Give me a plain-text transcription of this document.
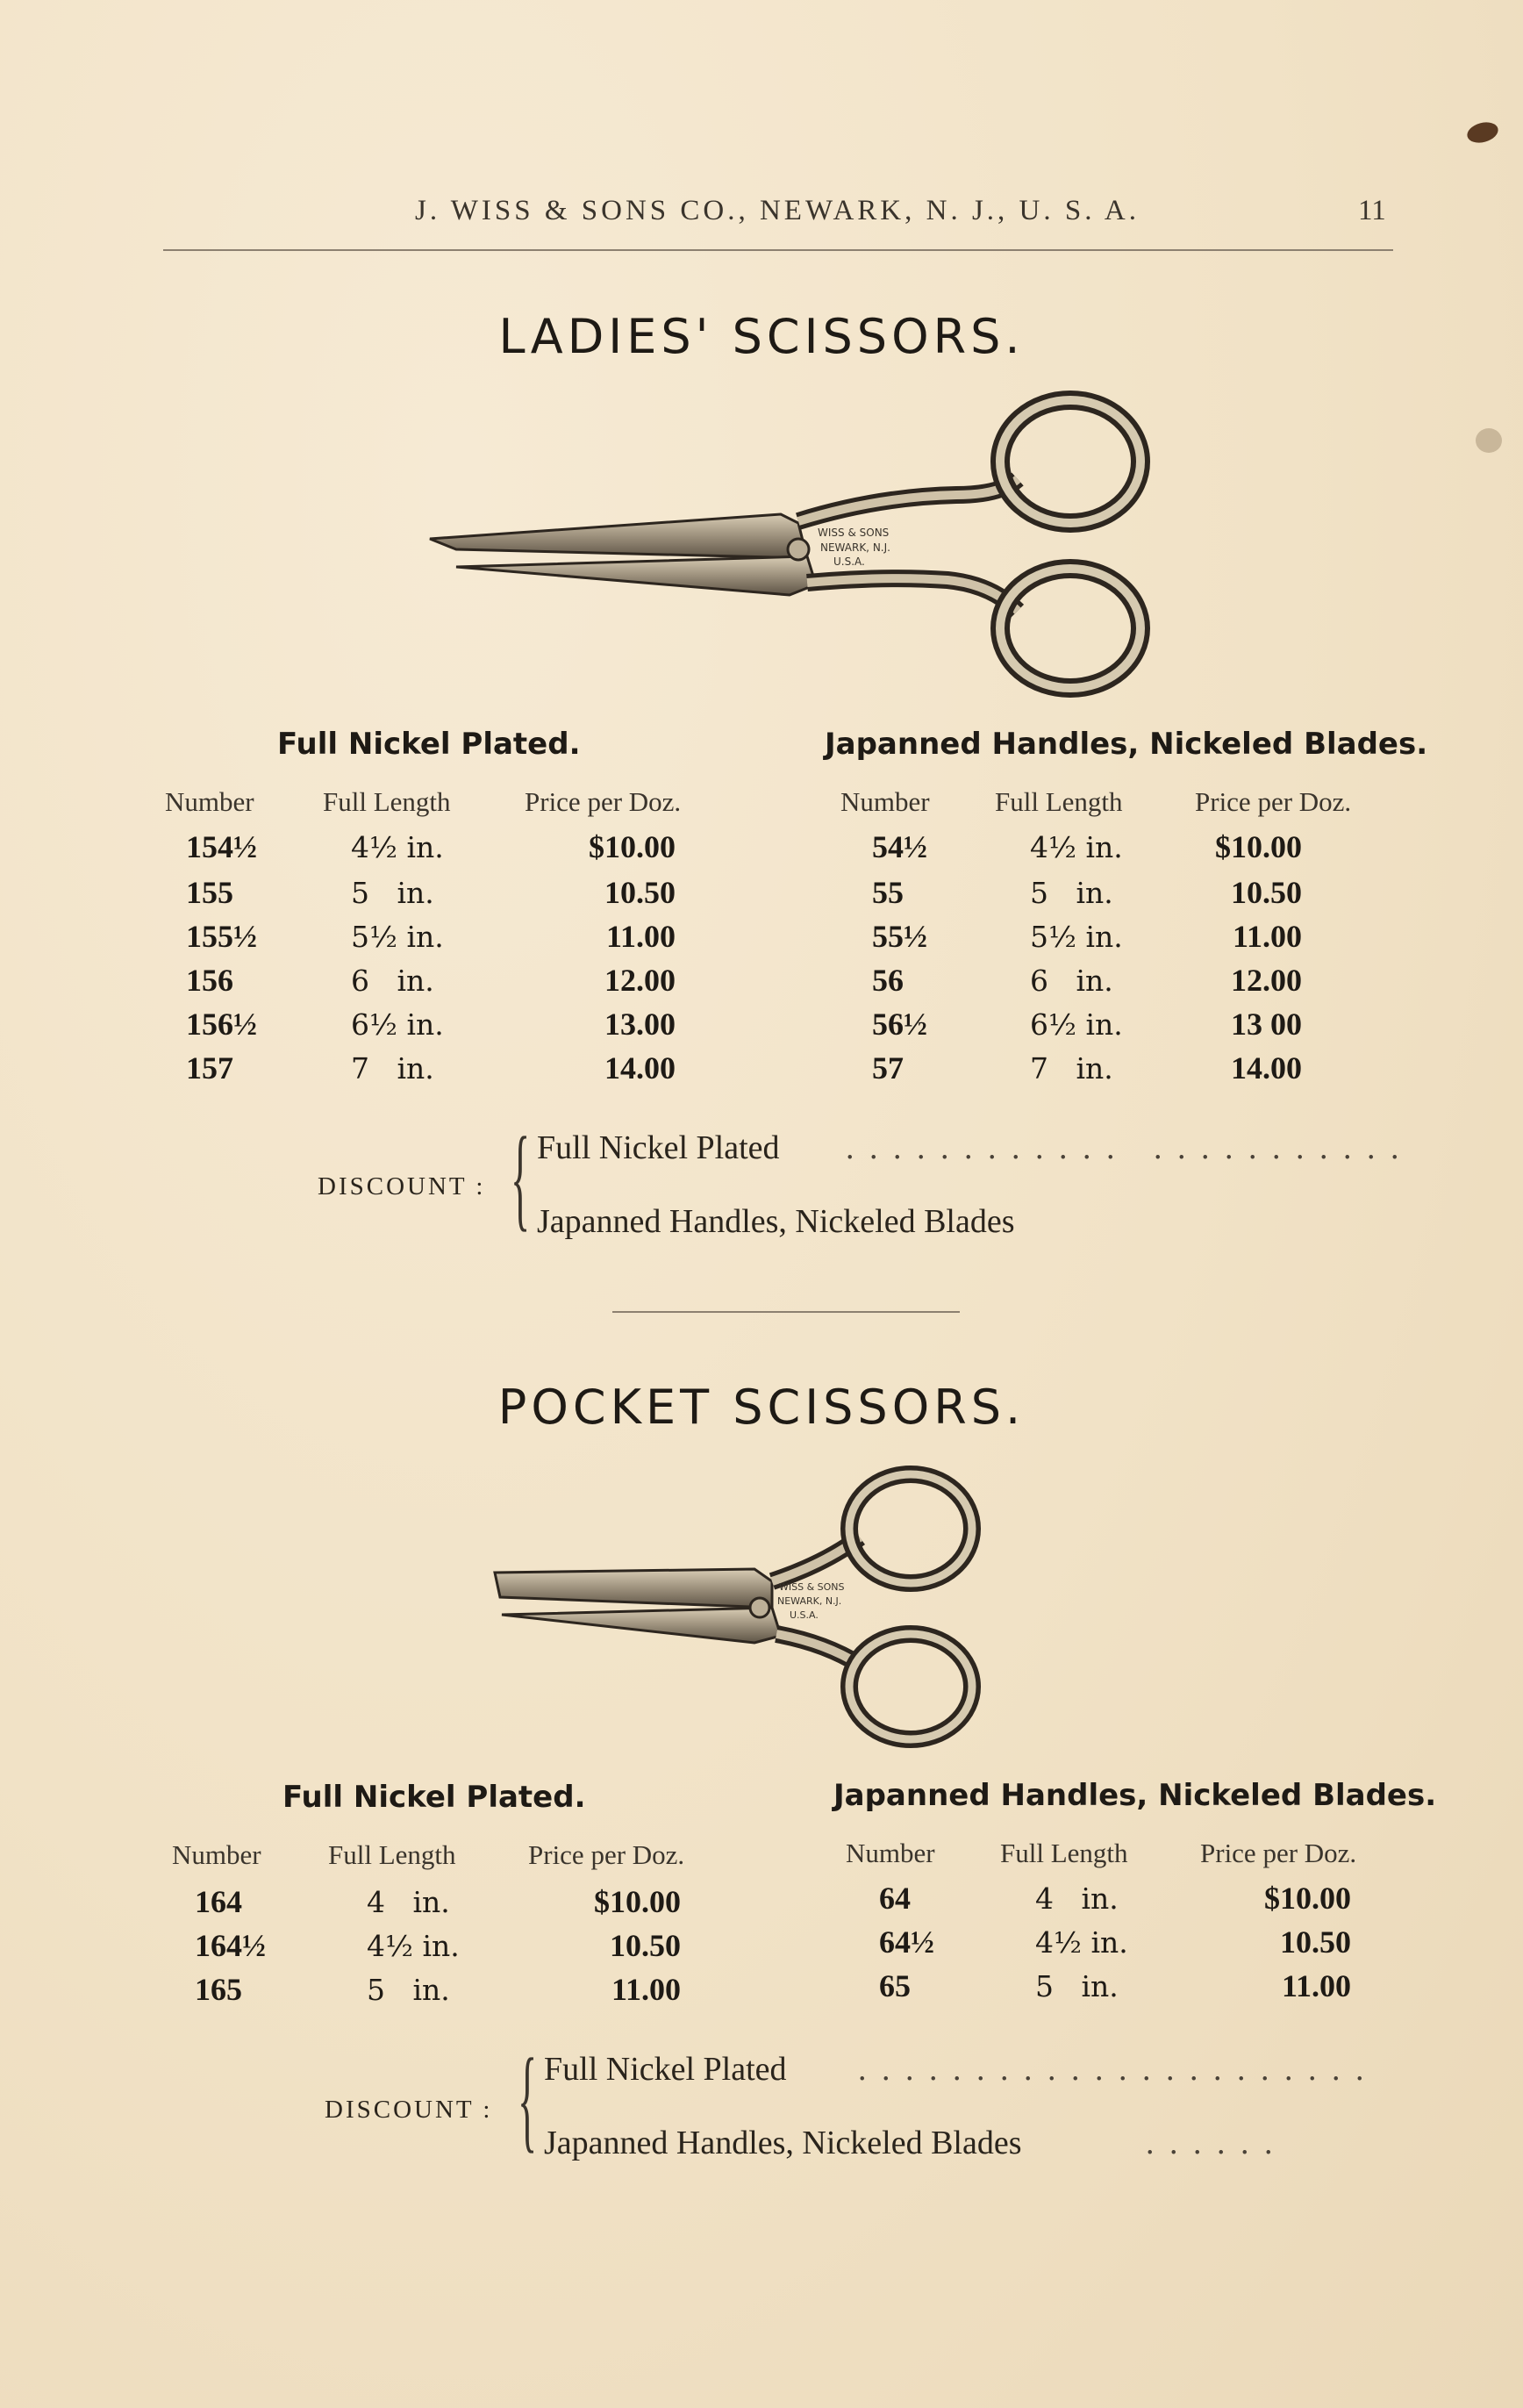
J. WISS & SONS CO., NEWARK, N. J., U. S. A.	11
LADIES' SCISSORS.
WISS & SONS
NEWARK, N.J.
U.S.A.
Full Nickel Plated.	Japanned Handles, Nickeled Blades.
Number	Full Length	Price per Doz.	Number Full Length	Price per Doz.
154½	4½ in.	$10.00
155	5   in.	10.50
155½	5½ in.	11.00
156	6   in.	12.00
156½	6½ in.	13.00
157	7   in.	14.00
54½	4½ in.	$10.00
55	5   in.	10.50
55½	5½ in.	11.00
56	6   in.	12.00
56½	6½ in.	13 00
57	7   in.	14.00
DISCOUNT : { Full Nickel Plated . . . . . . . . . . . .   . . . . . . . . . . .
Japanned Handles, Nickeled Blades
POCKET SCISSORS.
WISS & SONS
NEWARK, N.J.
U.S.A.
Full Nickel Plated.	Japanned Handles, Nickeled Blades.
Number Full Length	Price per Doz.	Number Full Length	Price per Doz.
164	4   in.	$10.00
164½	4½ in.	10.50
165	5   in.	11.00
64	4   in.	$10.00
64½	4½ in.	10.50
65	5   in.	11.00
DISCOUNT : { Full Nickel Plated . . . . . . . . . . . . . . . . . . . . . .
Japanned Handles, Nickeled Blades	. . . . . .
